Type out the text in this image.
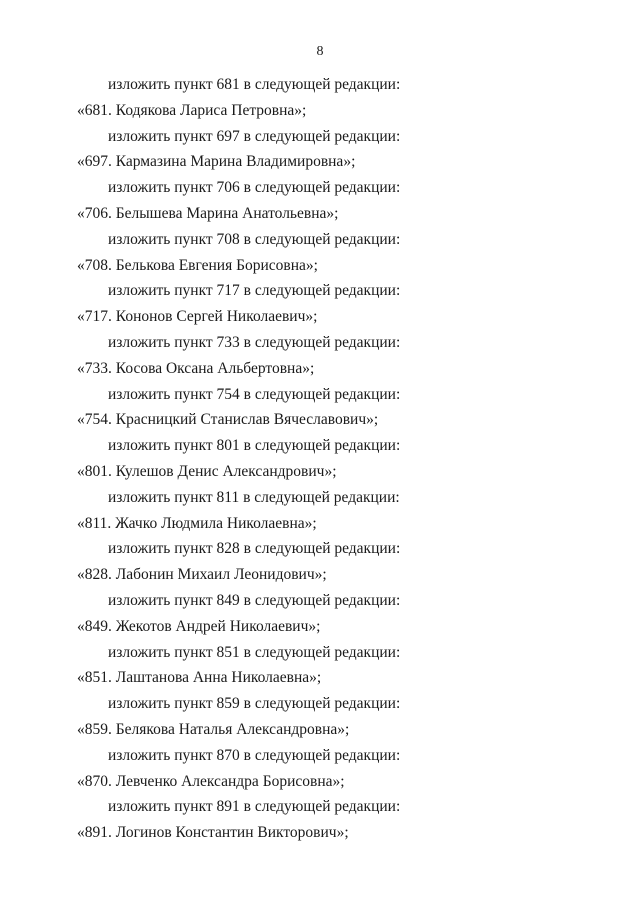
8
изложить пункт 681 в следующей редакции:
«681. Кодякова Лариса Петровна»;
изложить пункт 697 в следующей редакции:
«697. Кармазина Марина Владимировна»;
изложить пункт 706 в следующей редакции:
«706. Белышева Марина Анатольевна»;
изложить пункт 708 в следующей редакции:
«708. Белькова Евгения Борисовна»;
изложить пункт 717 в следующей редакции:
«717. Кононов Сергей Николаевич»;
изложить пункт 733 в следующей редакции:
«733. Косова Оксана Альбертовна»;
изложить пункт 754 в следующей редакции:
«754. Красницкий Станислав Вячеславович»;
изложить пункт 801 в следующей редакции:
«801. Кулешов Денис Александрович»;
изложить пункт 811 в следующей редакции:
«811. Жачко Людмила Николаевна»;
изложить пункт 828 в следующей редакции:
«828. Лабонин Михаил Леонидович»;
изложить пункт 849 в следующей редакции:
«849. Жекотов Андрей Николаевич»;
изложить пункт 851 в следующей редакции:
«851. Лаштанова Анна Николаевна»;
изложить пункт 859 в следующей редакции:
«859. Белякова Наталья Александровна»;
изложить пункт 870 в следующей редакции:
«870. Левченко Александра Борисовна»;
изложить пункт 891 в следующей редакции:
«891. Логинов Константин Викторович»;
